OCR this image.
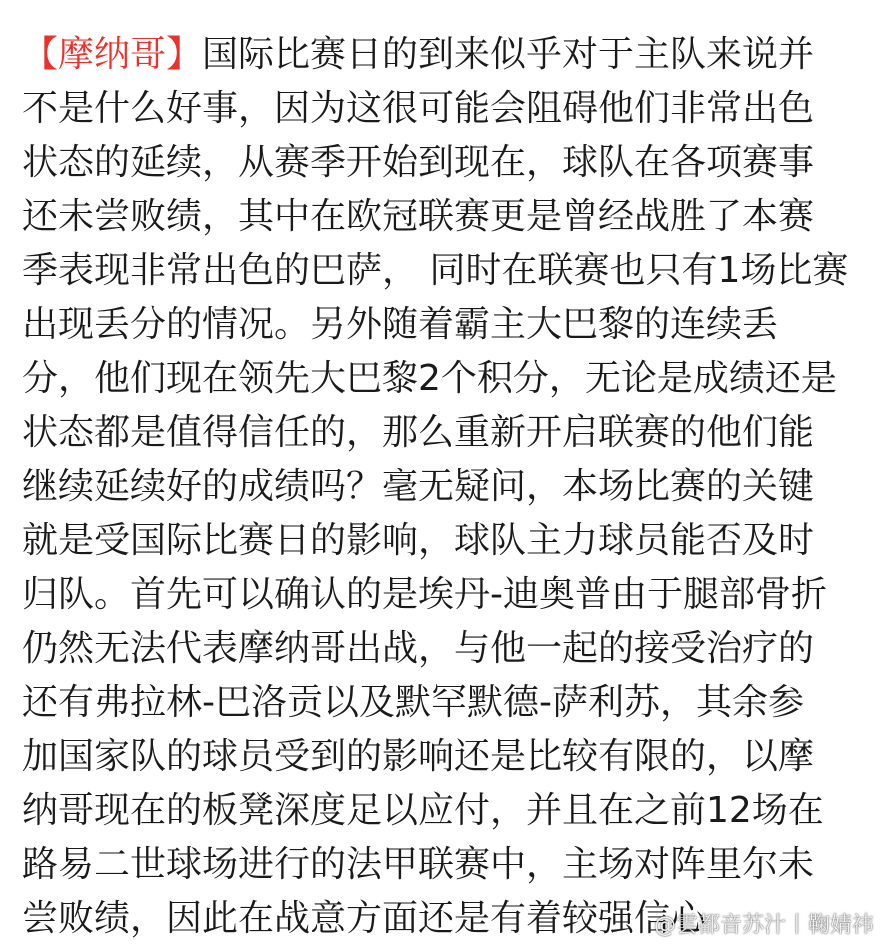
【摩纳哥】国际比赛日的到来似乎对于主队来说并
不是什么好事，因为这很可能会阻碍他们非常出色
状态的延续，从赛季开始到现在，球队在各项赛事
还未尝败绩，其中在欧冠联赛更是曾经战胜了本赛
季表现非常出色的巴萨， 同时在联赛也只有1场比赛
出现丢分的情况。另外随着霸主大巴黎的连续丢
分，他们现在领先大巴黎2个积分，无论是成绩还是
状态都是值得信任的，那么重新开启联赛的他们能
继续延续好的成绩吗？毫无疑问，本场比赛的关键
就是受国际比赛日的影响，球队主力球员能否及时
归队。首先可以确认的是埃丹-迪奥普由于腿部骨折
仍然无法代表摩纳哥出战，与他一起的接受治疗的
还有弗拉林-巴洛贡以及默罕默德-萨利苏，其余参
加国家队的球员受到的影响还是比较有限的，以摩
纳哥现在的板凳深度足以应付，并且在之前12场在
路易二世球场进行的法甲联赛中，主场对阵里尔未
尝败绩，因此在战意方面还是有着较强信心
@雲都音苏汁丨鞠婧祎
